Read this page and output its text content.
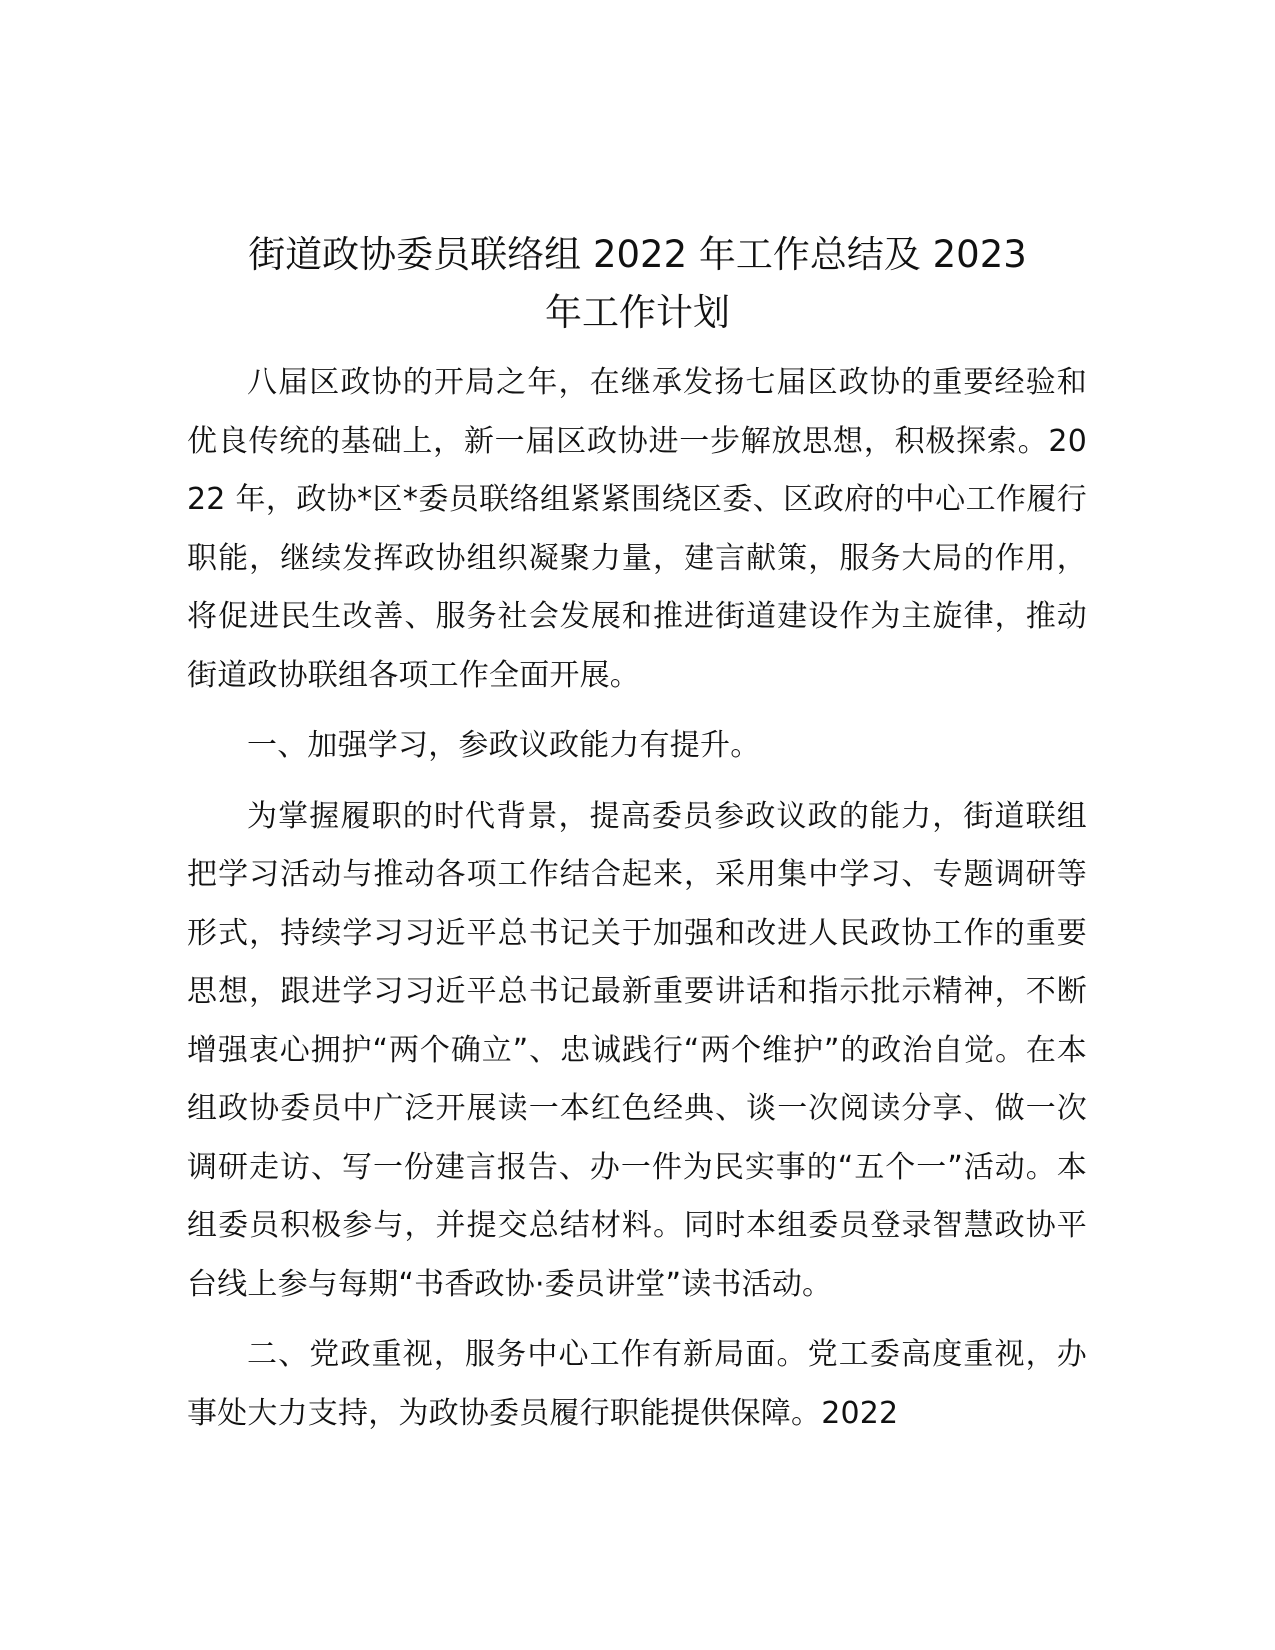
街道政协委员联络组 2022 年工作总结及 2023
年工作计划

八届区政协的开局之年，在继承发扬七届区政协的重要经验和优良传统的基础上，新一届区政协进一步解放思想，积极探索。2022 年，政协*区*委员联络组紧紧围绕区委、区政府的中心工作履行职能，继续发挥政协组织凝聚力量，建言献策，服务大局的作用，将促进民生改善、服务社会发展和推进街道建设作为主旋律，推动街道政协联组各项工作全面开展。

一、加强学习，参政议政能力有提升。

为掌握履职的时代背景，提高委员参政议政的能力，街道联组把学习活动与推动各项工作结合起来，采用集中学习、专题调研等形式，持续学习习近平总书记关于加强和改进人民政协工作的重要思想，跟进学习习近平总书记最新重要讲话和指示批示精神，不断增强衷心拥护“两个确立”、忠诚践行“两个维护”的政治自觉。在本组政协委员中广泛开展读一本红色经典、谈一次阅读分享、做一次调研走访、写一份建言报告、办一件为民实事的“五个一”活动。本组委员积极参与，并提交总结材料。同时本组委员登录智慧政协平台线上参与每期“书香政协·委员讲堂”读书活动。

二、党政重视，服务中心工作有新局面。党工委高度重视，办事处大力支持，为政协委员履行职能提供保障。2022
